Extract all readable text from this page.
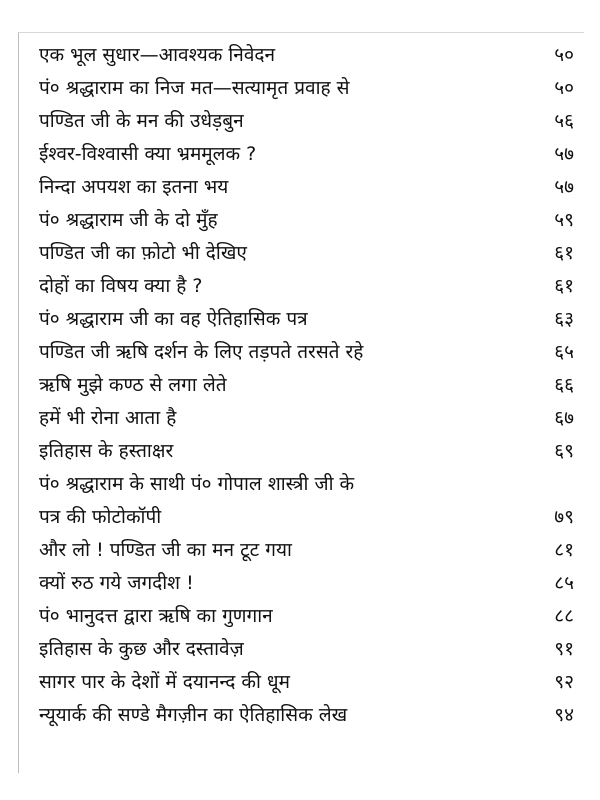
एक भूल सुधार—आवश्यक निवेदन	५०
पं० श्रद्धाराम का निज मत—सत्यामृत प्रवाह से	५०
पण्डित जी के मन की उधेड़बुन	५६
ईश्वर-विश्वासी क्या भ्रममूलक ?	५७
निन्दा अपयश का इतना भय	५७
पं० श्रद्धाराम जी के दो मुँह	५९
पण्डित जी का फ़ोटो भी देखिए	६१
दोहों का विषय क्या है ?	६१
पं० श्रद्धाराम जी का वह ऐतिहासिक पत्र	६३
पण्डित जी ऋषि दर्शन के लिए तड़पते तरसते रहे	६५
ऋषि मुझे कण्ठ से लगा लेते	६६
हमें भी रोना आता है	६७
इतिहास के हस्ताक्षर	६९
पं० श्रद्धाराम के साथी पं० गोपाल शास्त्री जी के
पत्र की फोटोकॉपी	७९
और लो ! पण्डित जी का मन टूट गया	८१
क्यों रुठ गये जगदीश !	८५
पं० भानुदत्त द्वारा ऋषि का गुणगान	८८
इतिहास के कुछ और दस्तावेज़	९१
सागर पार के देशों में दयानन्द की धूम	९२
न्यूयार्क की सण्डे मैगज़ीन का ऐतिहासिक लेख	९४
